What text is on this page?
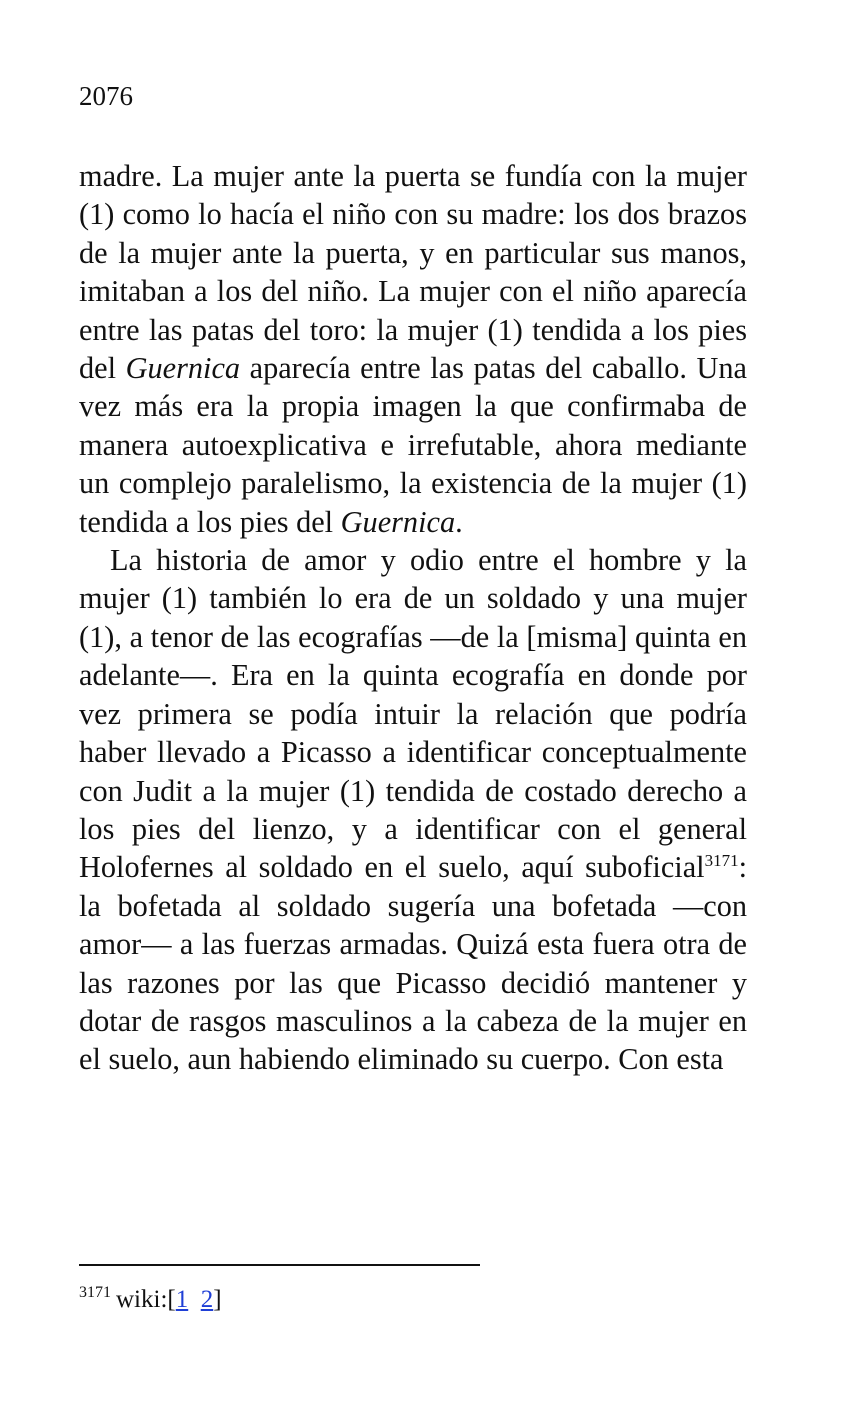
2076

madre. La mujer ante la puerta se fundía con la mujer (1) como lo hacía el niño con su madre: los dos brazos de la mujer ante la puerta, y en particular sus manos, imitaban a los del niño. La mujer con el niño aparecía entre las patas del toro: la mujer (1) tendida a los pies del Guernica aparecía entre las patas del caballo. Una vez más era la propia imagen la que confirmaba de manera autoexplicativa e irrefutable, ahora mediante un complejo paralelismo, la existencia de la mujer (1) tendida a los pies del Guernica.

La historia de amor y odio entre el hombre y la mujer (1) también lo era de un soldado y una mujer (1), a tenor de las ecografías —de la [misma] quinta en adelante—. Era en la quinta ecografía en donde por vez primera se podía intuir la relación que podría haber llevado a Picasso a identificar conceptualmente con Judit a la mujer (1) tendida de costado derecho a los pies del lienzo, y a identificar con el general Holofernes al soldado en el suelo, aquí suboficial$^{3171}$: la bofetada al soldado sugería una bofetada —con amor— a las fuerzas armadas. Quizá esta fuera otra de las razones por las que Picasso decidió mantener y dotar de rasgos masculinos a la cabeza de la mujer en el suelo, aun habiendo eliminado su cuerpo. Con esta

$^{3171}$ wiki:[1 2]
